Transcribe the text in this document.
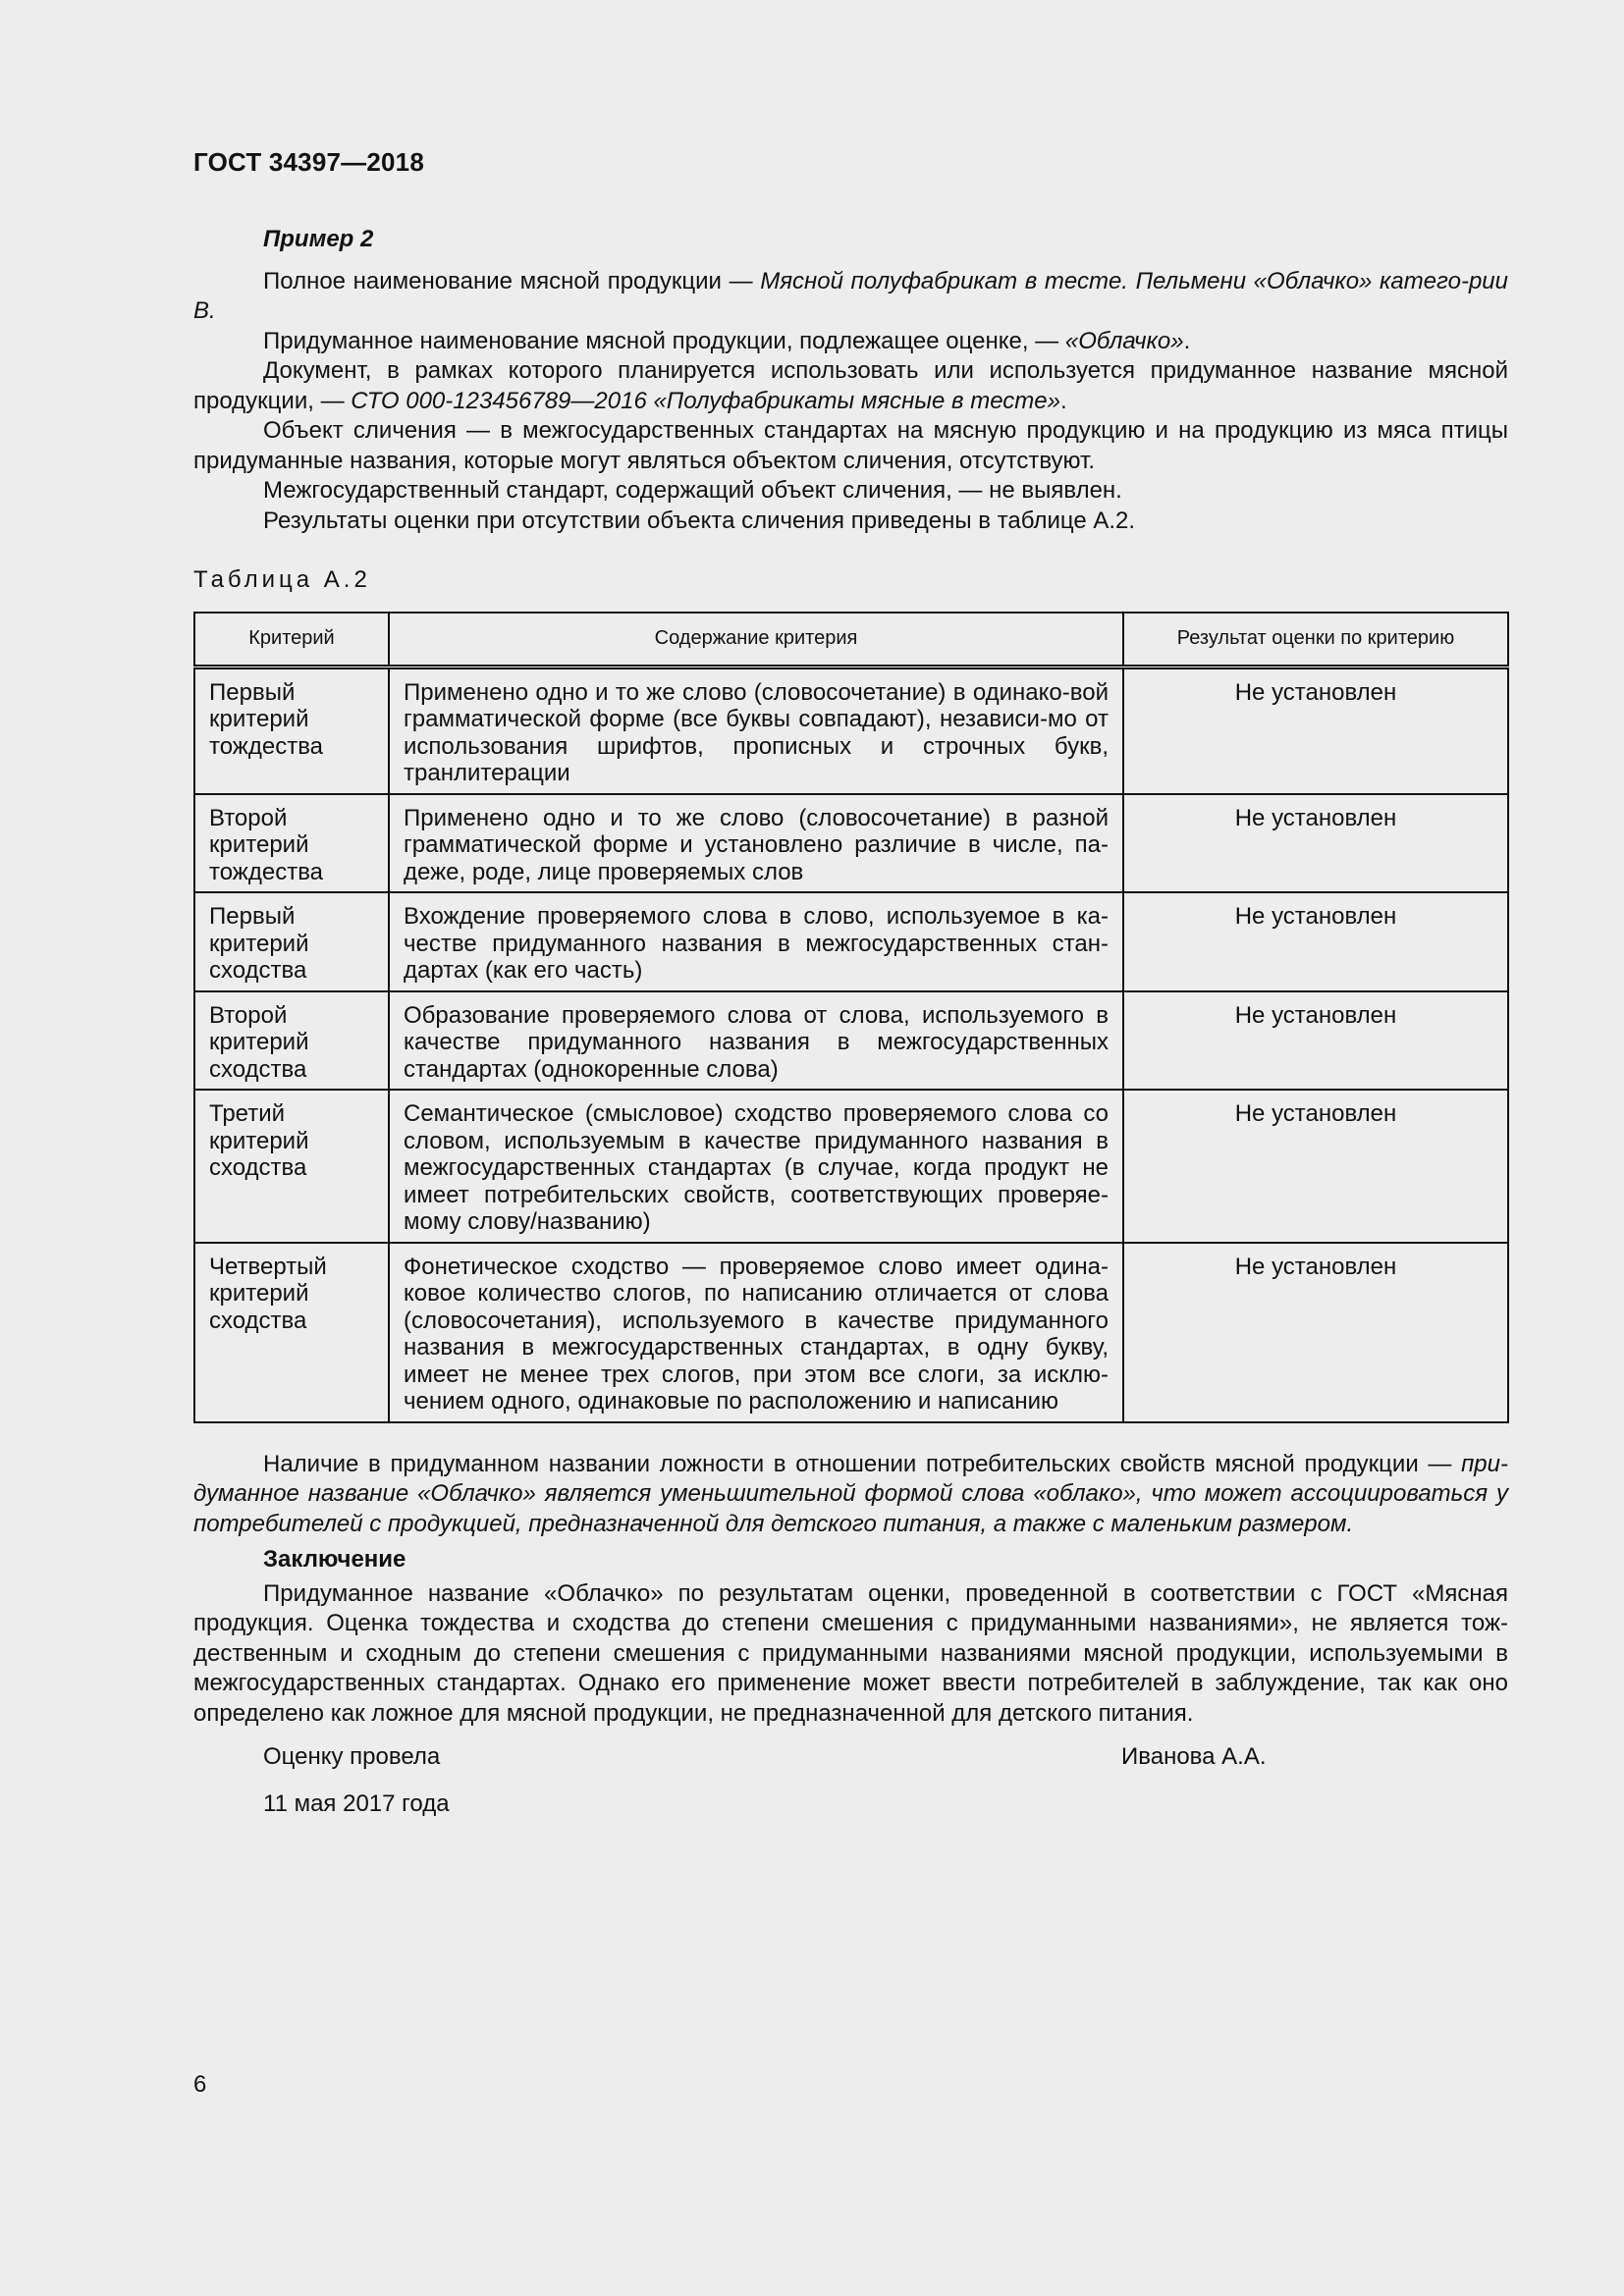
ГОСТ 34397—2018

Пример 2

Полное наименование мясной продукции — Мясной полуфабрикат в тесте. Пельмени «Облачко» катего-рии В.

Придуманное наименование мясной продукции, подлежащее оценке, — «Облачко».

Документ, в рамках которого планируется использовать или используется придуманное название мясной продукции, — СТО 000-123456789—2016 «Полуфабрикаты мясные в тесте».

Объект сличения — в межгосударственных стандартах на мясную продукцию и на продукцию из мяса птицы придуманные названия, которые могут являться объектом сличения, отсутствуют.

Межгосударственный стандарт, содержащий объект сличения, — не выявлен.

Результаты оценки при отсутствии объекта сличения приведены в таблице А.2.

Таблица А.2
Критерий	Содержание критерия	Результат оценки по критерию
Первый критерий тождества	Применено одно и то же слово (словосочетание) в одинако-вой грамматической форме (все буквы совпадают), независи-мо от использования шрифтов, прописных и строчных букв, транлитерации	Не установлен
Второй критерий тождества	Применено одно и то же слово (словосочетание) в разной грамматической форме и установлено различие в числе, па-деже, роде, лице проверяемых слов	Не установлен
Первый критерий сходства	Вхождение проверяемого слова в слово, используемое в ка-честве придуманного названия в межгосударственных стан-дартах (как его часть)	Не установлен
Второй критерий сходства	Образование проверяемого слова от слова, используемого в качестве придуманного названия в межгосударственных стандартах (однокоренные слова)	Не установлен
Третий критерий сходства	Семантическое (смысловое) сходство проверяемого слова со словом, используемым в качестве придуманного названия в межгосударственных стандартах (в случае, когда продукт не имеет потребительских свойств, соответствующих проверяе-мому слову/названию)	Не установлен
Четвертый критерий сходства	Фонетическое сходство — проверяемое слово имеет одина-ковое количество слогов, по написанию отличается от слова (словосочетания), используемого в качестве придуманного названия в межгосударственных стандартах, в одну букву, имеет не менее трех слогов, при этом все слоги, за исклю-чением одного, одинаковые по расположению и написанию	Не установлен

Наличие в придуманном названии ложности в отношении потребительских свойств мясной продукции — при-думанное название «Облачко» является уменьшительной формой слова «облако», что может ассоциироваться у потребителей с продукцией, предназначенной для детского питания, а также с маленьким размером.

Заключение

Придуманное название «Облачко» по результатам оценки, проведенной в соответствии с ГОСТ «Мясная продукция. Оценка тождества и сходства до степени смешения с придуманными названиями», не является тож-дественным и сходным до степени смешения с придуманными названиями мясной продукции, используемыми в межгосударственных стандартах. Однако его применение может ввести потребителей в заблуждение, так как оно определено как ложное для мясной продукции, не предназначенной для детского питания.

Оценку провела	Иванова А.А.
11 мая 2017 года
6
